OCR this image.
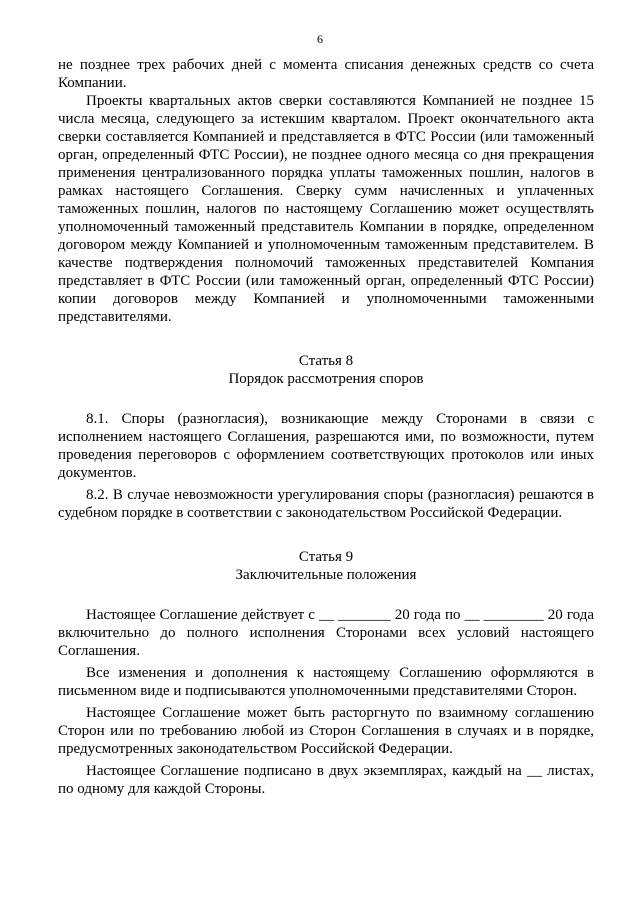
6

не позднее трех рабочих дней с момента списания денежных средств со счета Компании.

Проекты квартальных актов сверки составляются Компанией не позднее 15 числа месяца, следующего за истекшим кварталом. Проект окончательного акта сверки составляется Компанией и представляется в ФТС России (или таможенный орган, определенный ФТС России), не позднее одного месяца со дня прекращения применения централизованного порядка уплаты таможенных пошлин, налогов в рамках настоящего Соглашения. Сверку сумм начисленных и уплаченных таможенных пошлин, налогов по настоящему Соглашению может осуществлять уполномоченный таможенный представитель Компании в порядке, определенном договором между Компанией и уполномоченным таможенным представителем. В качестве подтверждения полномочий таможенных представителей Компания представляет в ФТС России (или таможенный орган, определенный ФТС России) копии договоров между Компанией и уполномоченными таможенными представителями.

Статья 8

Порядок рассмотрения споров

8.1. Споры (разногласия), возникающие между Сторонами в связи с исполнением настоящего Соглашения, разрешаются ими, по возможности, путем проведения переговоров с оформлением соответствующих протоколов или иных документов.

8.2. В случае невозможности урегулирования споры (разногласия) решаются в судебном порядке в соответствии с законодательством Российской Федерации.

Статья 9

Заключительные положения

Настоящее Соглашение действует с __ _______ 20 года по __ ________ 20 года включительно до полного исполнения Сторонами всех условий настоящего Соглашения.

Все изменения и дополнения к настоящему Соглашению оформляются в письменном виде и подписываются уполномоченными представителями Сторон.

Настоящее Соглашение может быть расторгнуто по взаимному соглашению Сторон или по требованию любой из Сторон Соглашения в случаях и в порядке, предусмотренных законодательством Российской Федерации.

Настоящее Соглашение подписано в двух экземплярах, каждый на __ листах, по одному для каждой Стороны.
